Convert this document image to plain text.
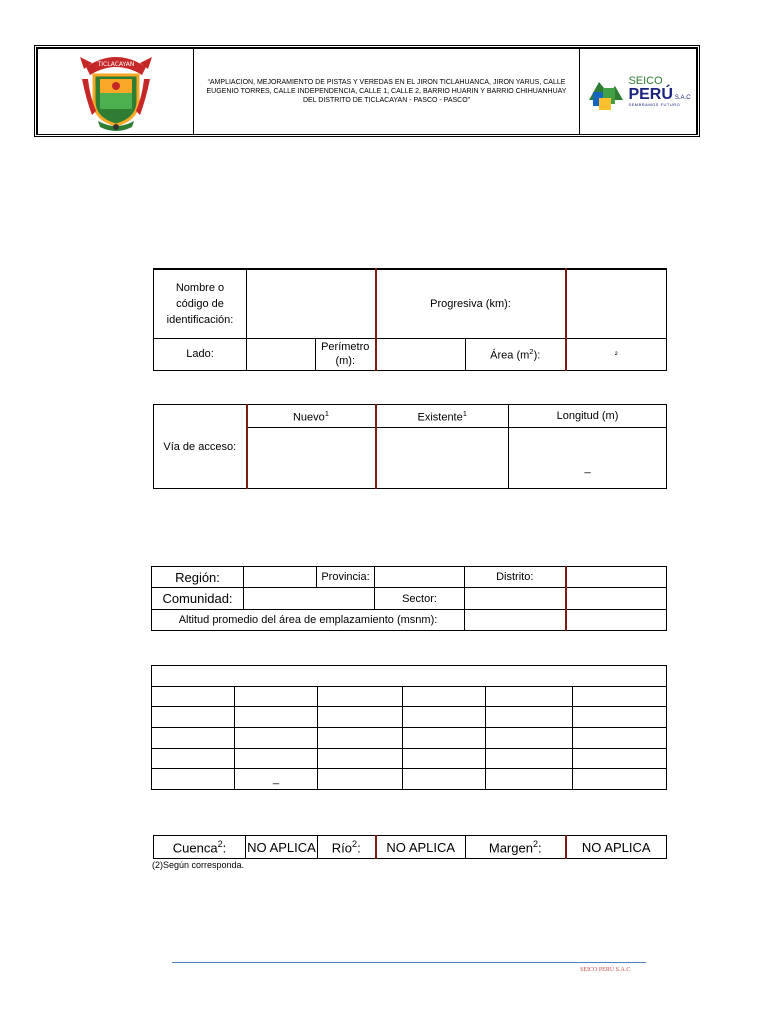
TICLACAYAN
	“AMPLIACION, MEJORAMIENTO DE PISTAS Y VEREDAS EN EL JIRON TICLAHUANCA, JIRON YARUS, CALLE EUGENIO TORRES, CALLE INDEPENDENCIA, CALLE 1, CALLE 2, BARRIO HUARIN Y BARRIO CHIHUANHUAY DEL DISTRITO DE TICLACAYAN - PASCO - PASCO”	
SEICO
PERÚ S.A.C
SEMBRAMOS FUTURO
Nombre o código de identificación:			Progresiva (km):		
Lado:		Perímetro (m):		Área $(m^2)$:	²
Vía de acceso:	Nuevo$^1$	Existente$^1$	Longitud (m)
			_
Región:		Provincia:		Distrito:	
Comunidad:			Sector:		
Altitud promedio del área de emplazamiento (msnm):					

	_				
Cuenca$^2$:	NO APLICA	Río$^2$:	NO APLICA	Margen$^2$:	NO APLICA
(2)Según corresponda.
SEICO PERÚ S.A.C
